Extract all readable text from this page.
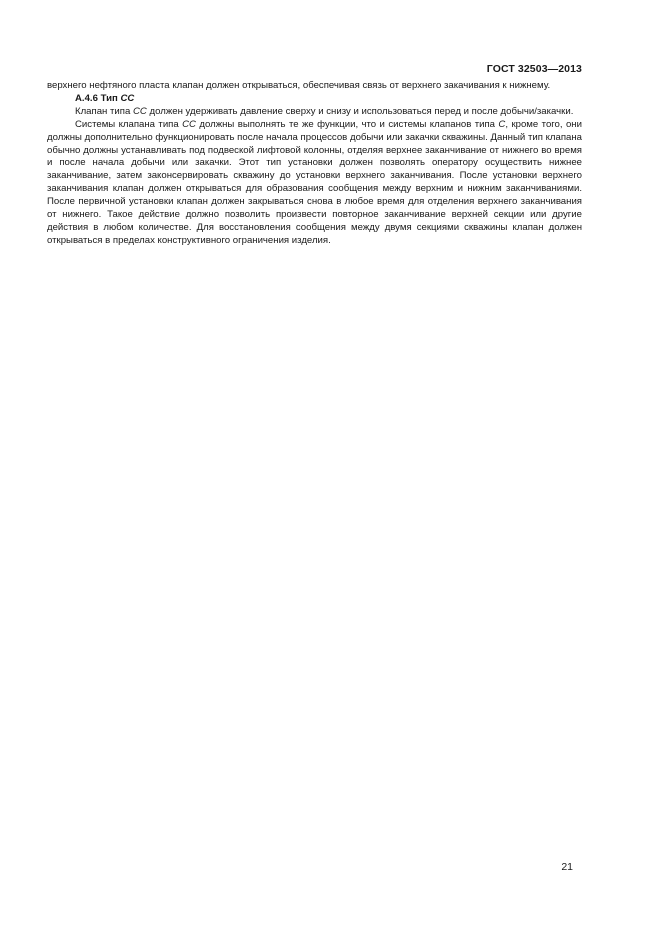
ГОСТ 32503—2013

верхнего нефтяного пласта клапан должен открываться, обеспечивая связь от верхнего закачивания к нижнему.

А.4.6 Тип СС

Клапан типа СС должен удерживать давление сверху и снизу и использоваться перед и после добычи/закачки.

Системы клапана типа СС должны выполнять те же функции, что и системы клапанов типа С, кроме того, они должны дополнительно функционировать после начала процессов добычи или закачки скважины. Данный тип клапана обычно должны устанавливать под подвеской лифтовой колонны, отделяя верхнее заканчивание от нижнего во время и после начала добычи или закачки. Этот тип установки должен позволять оператору осуществить нижнее заканчивание, затем законсервировать скважину до установки верхнего заканчивания. После установки верхнего заканчивания клапан должен открываться для образования сообщения между верхним и нижним заканчиваниями. После первичной установки клапан должен закрываться снова в любое время для отделения верхнего заканчивания от нижнего. Такое действие должно позволить произвести повторное заканчивание верхней секции или другие действия в любом количестве. Для восстановления сообщения между двумя секциями скважины клапан должен открываться в пределах конструктивного ограничения изделия.

21
